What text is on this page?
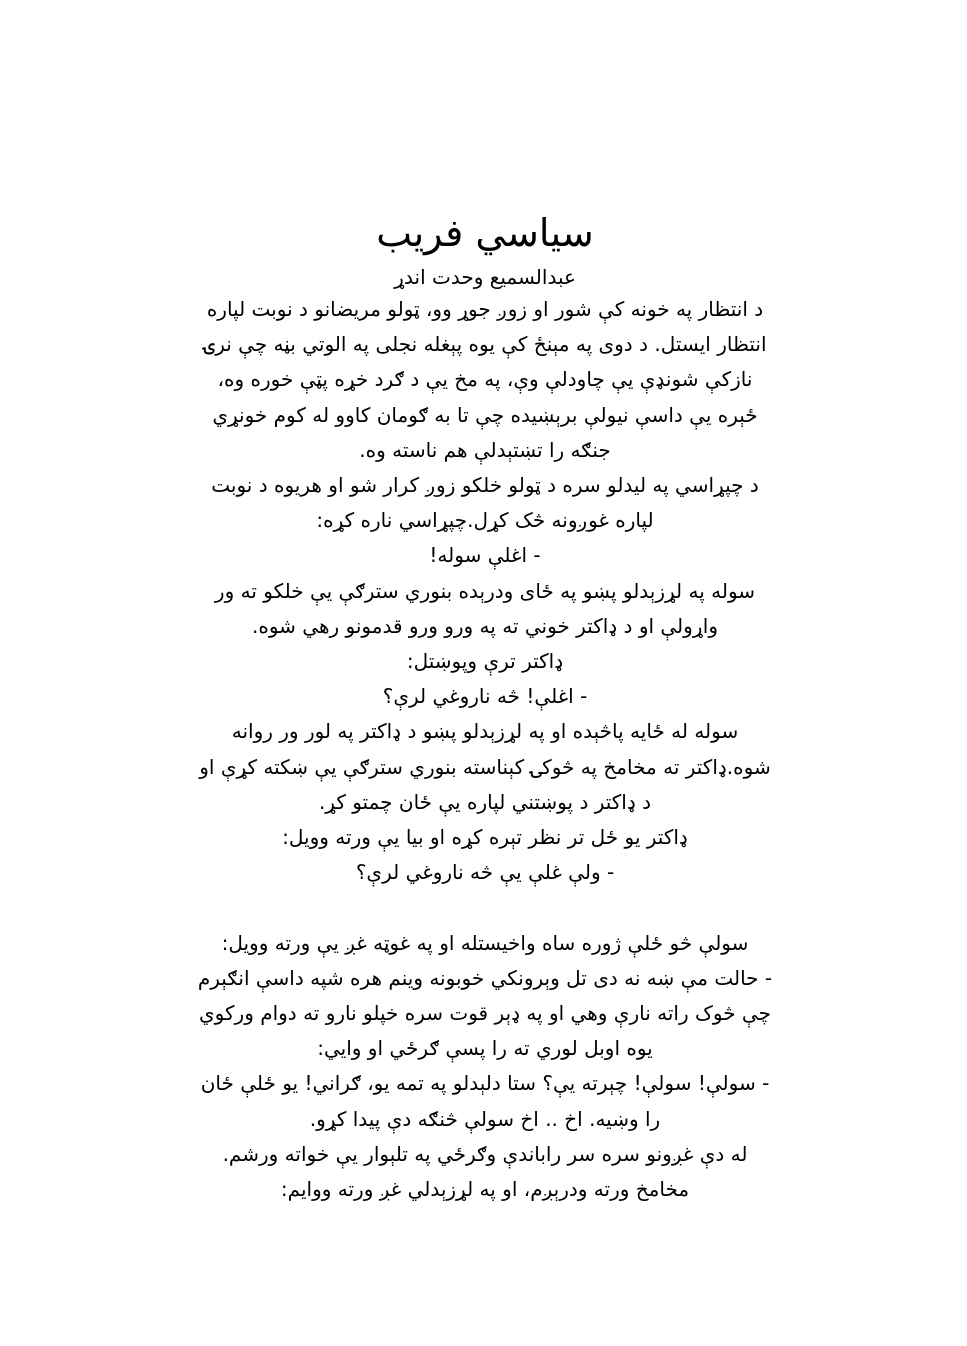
سیاسي فریب

عبدالسمیع وحدت اندړ

د انتظار په خونه کې شور او زوږ جوړ وو، ټولو مریضانو د نوبت لپاره

انتظار ایستل. د دوی په مېنځ کې یوه پېغله نجلی په الوتي بڼه چې نرۍ

نازکې شونډې یې چاودلې وې، په مخ یې د ګرد خړه پټې خوره وه،

ځېره یې داسې نیولې برېښیده چې تا به ګومان کاوو له کوم خونړي

جنګه را تښتېدلې هم ناسته وه.

د چپړاسي په لیدلو سره د ټولو خلکو زوږ کرار شو او هریوه د نوبت

لپاره غوږونه څک کړل.چپړاسي ناره کړه:

- اغلې سوله!

سوله په لړزېدلو پښو په ځای ودرېده بنوري سترګې یې خلکو ته ور

واړولې او د ډاکتر خوني ته په ورو ورو قدمونو رهي شوه.

ډاکتر ترې وپوښتل:

- اغلې! څه ناروغي لرې؟

سوله له ځایه پاڅېده او په لړزېدلو پښو د ډاکتر په لور ور روانه

شوه.ډاکتر ته مخامخ په څوکۍ کېناسته بنوري سترګې یې ښکته کړې او

د ډاکتر د پوښتني لپاره یې ځان چمتو کړ.

ډاکتر یو ځل تر نظر تېره کړه او بیا یې ورته وویل:

- ولې غلې یې څه ناروغي لرې؟

سولې څو ځلې ژوره ساه واخیستله او په غوټه غږ یې ورته وویل:

- حالت مې ښه نه دی تل وېرونکي خوبونه وینم هره شپه داسې انګېرم

چې څوک راته نارې وهي او په ډېر قوت سره خپلو نارو ته دوام ورکوي

یوه اوبل لوري ته را پسې ګرځي او وايي:

- سولې! سولې! چېرته یې؟ ستا دلېدلو په تمه یو، ګراني! یو ځلې ځان

را وښیه. اخ .. اخ سولې څنګه دې پیدا کړو.

له دې غږونو سره سر راباندې وګرځي په تلېوار یې خواته ورشم.

مخامخ ورته ودرېږم، او په لړزېدلي غږ ورته ووایم:
